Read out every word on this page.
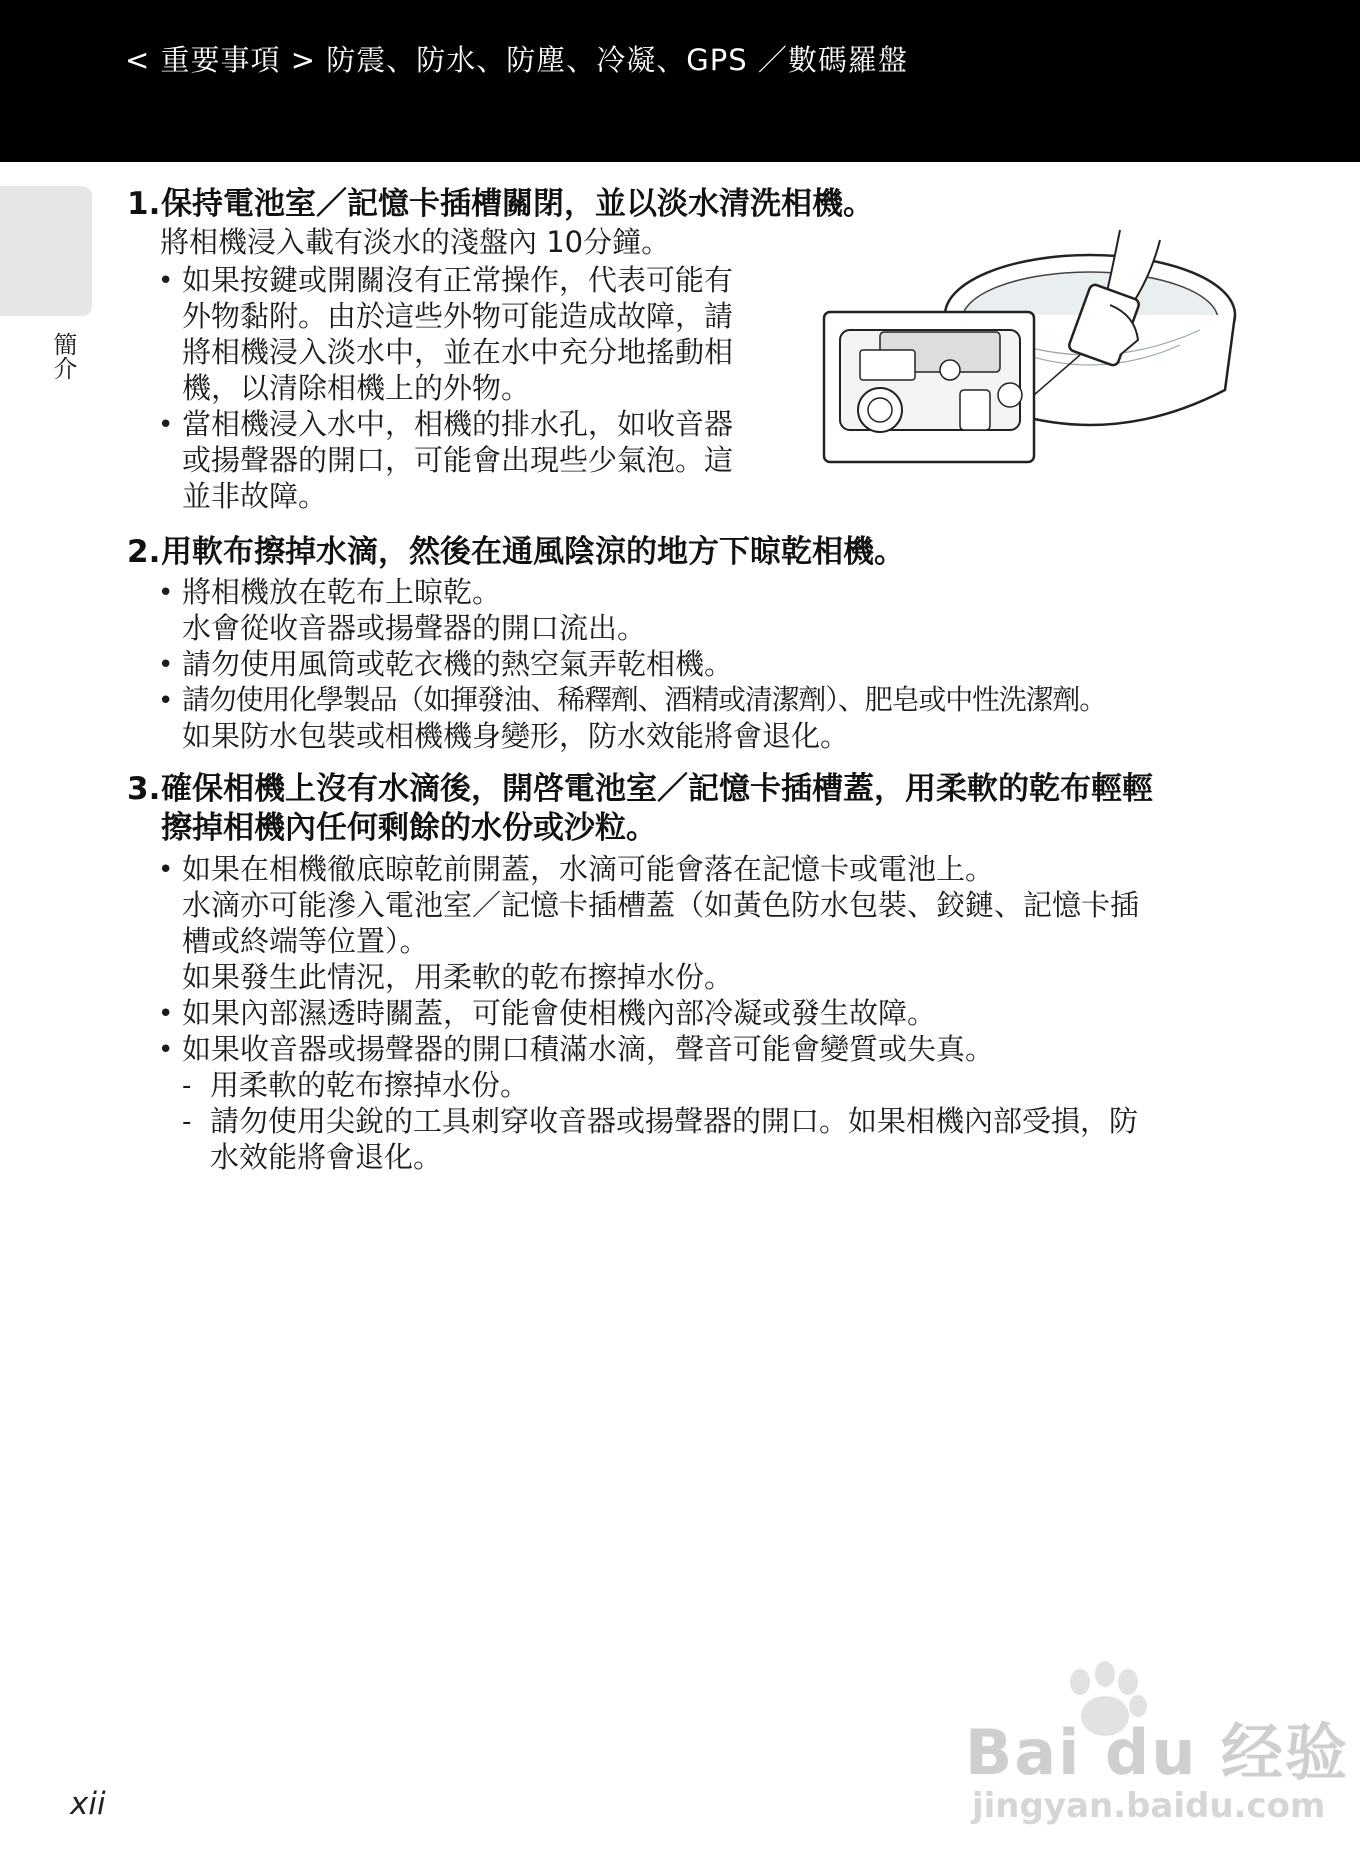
< 重要事項 > 防震、防水、防塵、冷凝、GPS ／數碼羅盤
簡介
1.保持電池室／記憶卡插槽關閉，並以淡水清洗相機。
將相機浸入載有淡水的淺盤內 10分鐘。
• 如果按鍵或開關沒有正常操作，代表可能有
外物黏附。由於這些外物可能造成故障，請
將相機浸入淡水中，並在水中充分地搖動相
機，以清除相機上的外物。
• 當相機浸入水中，相機的排水孔，如收音器
或揚聲器的開口，可能會出現些少氣泡。這
並非故障。
2.用軟布擦掉水滴，然後在通風陰涼的地方下晾乾相機。
• 將相機放在乾布上晾乾。
水會從收音器或揚聲器的開口流出。
• 請勿使用風筒或乾衣機的熱空氣弄乾相機。
• 請勿使用化學製品（如揮發油、稀釋劑、酒精或清潔劑）、肥皂或中性洗潔劑。
如果防水包裝或相機機身變形，防水效能將會退化。
3.確保相機上沒有水滴後，開啓電池室／記憶卡插槽蓋，用柔軟的乾布輕輕
擦掉相機內任何剩餘的水份或沙粒。
• 如果在相機徹底晾乾前開蓋，水滴可能會落在記憶卡或電池上。
水滴亦可能滲入電池室／記憶卡插槽蓋（如黃色防水包裝、鉸鏈、記憶卡插
槽或終端等位置）。
如果發生此情況，用柔軟的乾布擦掉水份。
• 如果內部濕透時關蓋，可能會使相機內部冷凝或發生故障。
• 如果收音器或揚聲器的開口積滿水滴，聲音可能會變質或失真。
- 用柔軟的乾布擦掉水份。
- 請勿使用尖銳的工具刺穿收音器或揚聲器的開口。如果相機內部受損，防
水效能將會退化。
Bai du 经验
jingyan.baidu.com
xii
